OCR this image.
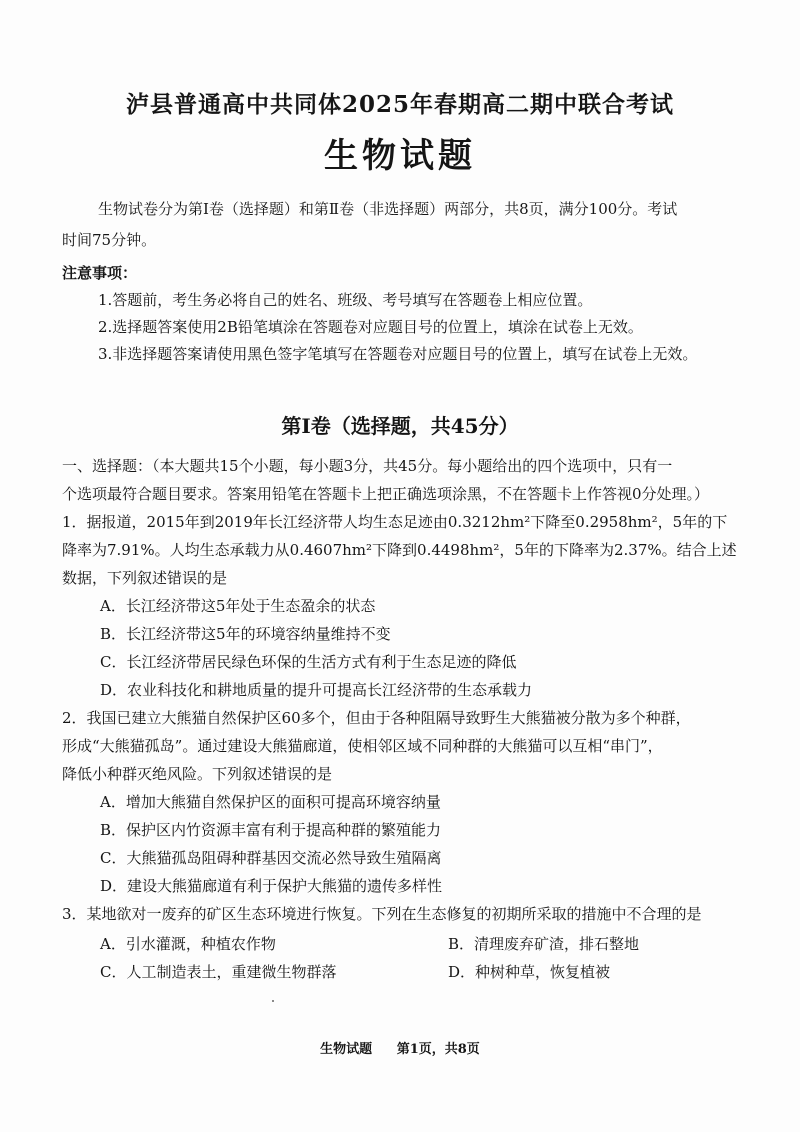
泸县普通高中共同体2025年春期高二期中联合考试
生物试题
生物试卷分为第Ⅰ卷（选择题）和第Ⅱ卷（非选择题）两部分，共8页，满分100分。考试
时间75分钟。
注意事项：
1.答题前，考生务必将自己的姓名、班级、考号填写在答题卷上相应位置。
2.选择题答案使用2B铅笔填涂在答题卷对应题目号的位置上，填涂在试卷上无效。
3.非选择题答案请使用黑色签字笔填写在答题卷对应题目号的位置上，填写在试卷上无效。
第Ⅰ卷（选择题，共45分）
一、选择题：（本大题共15个小题，每小题3分，共45分。每小题给出的四个选项中，只有一
个选项最符合题目要求。答案用铅笔在答题卡上把正确选项涂黑，不在答题卡上作答视0分处理。）
1．据报道，2015年到2019年长江经济带人均生态足迹由0.3212hm²下降至0.2958hm²，5年的下
降率为7.91%。人均生态承载力从0.4607hm²下降到0.4498hm²，5年的下降率为2.37%。结合上述
数据，下列叙述错误的是
A．长江经济带这5年处于生态盈余的状态
B．长江经济带这5年的环境容纳量维持不变
C．长江经济带居民绿色环保的生活方式有利于生态足迹的降低
D．农业科技化和耕地质量的提升可提高长江经济带的生态承载力
2．我国已建立大熊猫自然保护区60多个，但由于各种阻隔导致野生大熊猫被分散为多个种群，
形成“大熊猫孤岛”。通过建设大熊猫廊道，使相邻区域不同种群的大熊猫可以互相“串门”，
降低小种群灭绝风险。下列叙述错误的是
A．增加大熊猫自然保护区的面积可提高环境容纳量
B．保护区内竹资源丰富有利于提高种群的繁殖能力
C．大熊猫孤岛阻碍种群基因交流必然导致生殖隔离
D．建设大熊猫廊道有利于保护大熊猫的遗传多样性
3．某地欲对一废弃的矿区生态环境进行恢复。下列在生态修复的初期所采取的措施中不合理的是
A．引水灌溉，种植农作物	B．清理废弃矿渣，排石整地
C．人工制造表土，重建微生物群落	D．种树种草，恢复植被
生物试题 第1页，共8页
